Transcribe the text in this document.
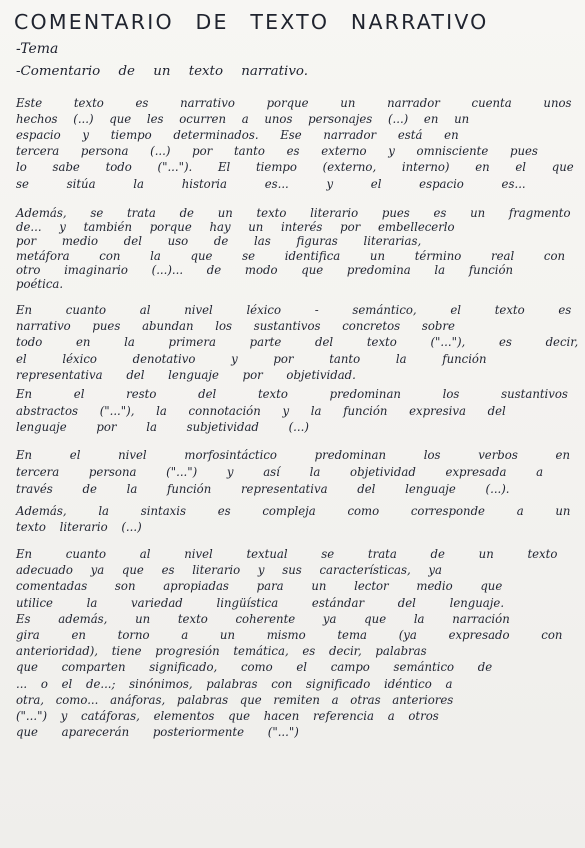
COMENTARIO DE TEXTO NARRATIVO

-Tema

-Comentario de un texto narrativo.

Este texto es narrativo porque un narrador cuenta unos

hechos (...) que les ocurren a unos personajes (...) en un

espacio y tiempo determinados. Ese narrador está en

tercera persona (...) por tanto es externo y omnisciente pues

lo sabe todo ("..."). El tiempo (externo, interno) en el que

se sitúa la historia es... y el espacio es...

Además, se trata de un texto literario pues es un fragmento

de... y también porque hay un interés por embellecerlo

por medio del uso de las figuras literarias,

metáfora con la que se identifica un término real con

otro imaginario (...)... de modo que predomina la función

poética.

En cuanto al nivel léxico - semántico, el texto es

narrativo pues abundan los sustantivos concretos sobre

todo en la primera parte del texto ("..."), es decir,

el léxico denotativo y por tanto la función

representativa del lenguaje por objetividad.

En el resto del texto predominan los sustantivos

abstractos ("..."), la connotación y la función expresiva del

lenguaje por la subjetividad (...)

En el nivel morfosintáctico predominan los verbos en

tercera persona ("...") y así la objetividad expresada a

través de la función representativa del lenguaje (...).

Además, la sintaxis es compleja como corresponde a un

texto literario (...)

En cuanto al nivel textual se trata de un texto

adecuado ya que es literario y sus características, ya

comentadas son apropiadas para un lector medio que

utilice la variedad lingüística estándar del lenguaje.

Es además, un texto coherente ya que la narración

gira en torno a un mismo tema (ya expresado con

anterioridad), tiene progresión temática, es decir, palabras

que comparten significado, como el campo semántico de

... o el de...; sinónimos, palabras con significado idéntico a

otra, como... anáforas, palabras que remiten a otras anteriores

("...") y catáforas, elementos que hacen referencia a otros

que aparecerán posteriormente ("...")
